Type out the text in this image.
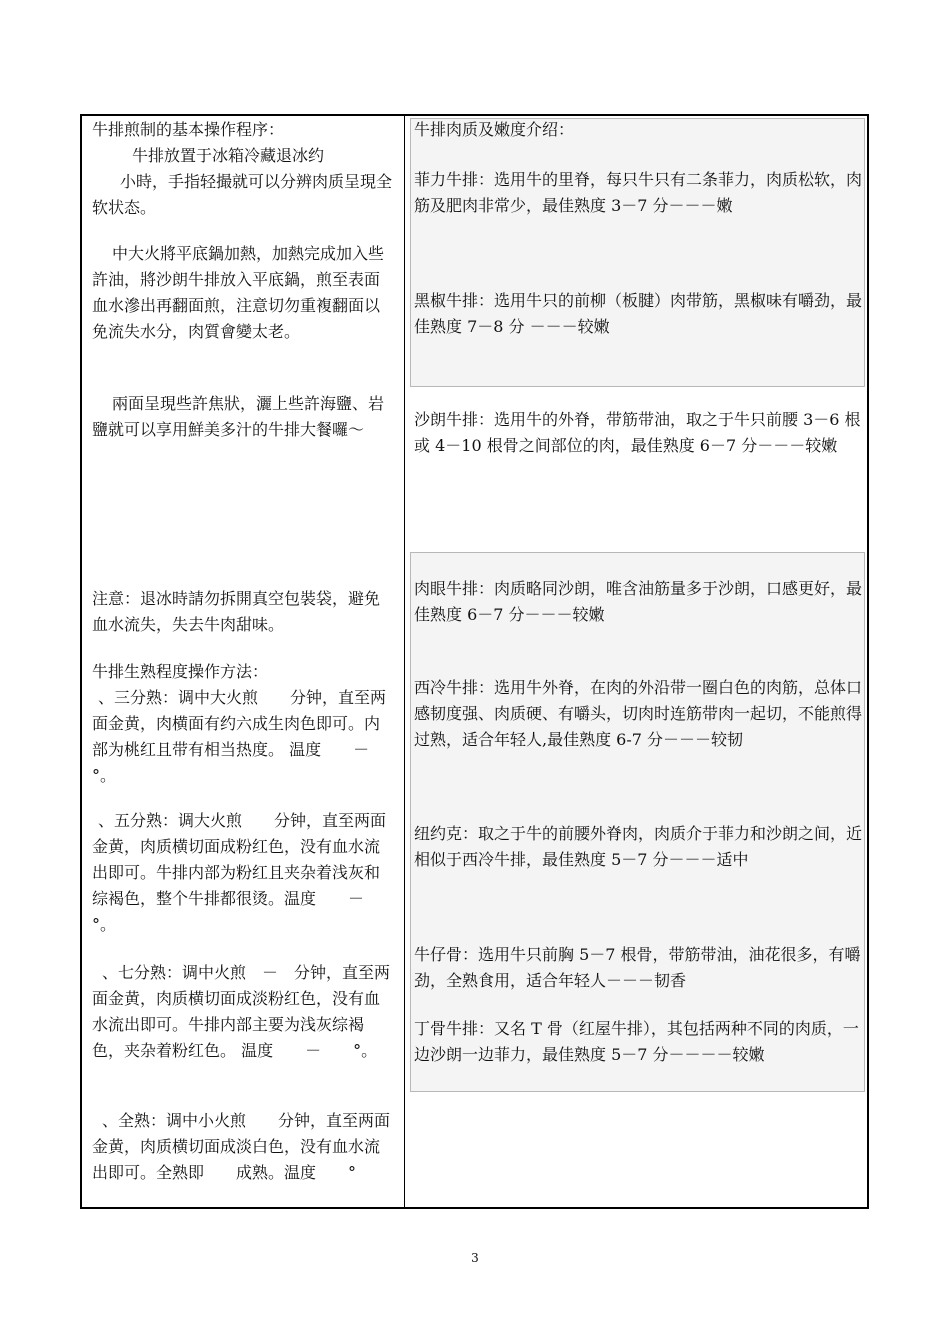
牛排煎制的基本操作程序：

牛排放置于冰箱冷藏退冰约

小時，手指轻撮就可以分辨肉质呈現全软状态。

中大火將平底鍋加熱，加熱完成加入些許油，將沙朗牛排放入平底鍋，煎至表面血水滲出再翻面煎，注意切勿重複翻面以免流失水分，肉質會變太老。

兩面呈現些許焦狀，灑上些許海鹽、岩鹽就可以享用鮮美多汁的牛排大餐囉～

注意：退冰時請勿拆開真空包裝袋，避免血水流失，失去牛肉甜味。

牛排生熟程度操作方法：

、三分熟：调中大火煎　　分钟，直至两面金黄，肉横面有约六成生肉色即可。内部为桃红且带有相当热度。 温度　　－　　°。

、五分熟：调大火煎　　分钟，直至两面金黄，肉质横切面成粉红色，没有血水流出即可。牛排内部为粉红且夹杂着浅灰和综褐色，整个牛排都很烫。温度　　－　　°。

、七分熟：调中火煎　－　分钟，直至两面金黄，肉质横切面成淡粉红色，没有血水流出即可。牛排内部主要为浅灰综褐色，夹杂着粉红色。 温度　　－　　°。

、全熟：调中小火煎　　分钟，直至两面金黄，肉质横切面成淡白色，没有血水流出即可。全熟即　　成熟。温度　　°

牛排肉质及嫩度介绍：

菲力牛排：选用牛的里脊，每只牛只有二条菲力，肉质松软，肉筋及肥肉非常少，最佳熟度 3－7 分－－－嫩

黑椒牛排：选用牛只的前柳（板腱）肉带筋，黑椒味有嚼劲，最佳熟度 7－8 分 －－－较嫩

沙朗牛排：选用牛的外脊，带筋带油，取之于牛只前腰 3－6 根或 4－10 根骨之间部位的肉，最佳熟度 6－7 分－－－较嫩

肉眼牛排：肉质略同沙朗，唯含油筋量多于沙朗，口感更好，最佳熟度 6－7 分－－－较嫩

西冷牛排：选用牛外脊，在肉的外沿带一圈白色的肉筋，总体口感韧度强、肉质硬、有嚼头，切肉时连筋带肉一起切，不能煎得过熟，适合年轻人,最佳熟度 6-7 分－－－较韧

纽约克：取之于牛的前腰外脊肉，肉质介于菲力和沙朗之间，近相似于西冷牛排，最佳熟度 5－7 分－－－适中

牛仔骨：选用牛只前胸 5－7 根骨，带筋带油，油花很多，有嚼劲，全熟食用，适合年轻人－－－韧香

丁骨牛排：又名 T 骨（红屋牛排），其包括两种不同的肉质，一边沙朗一边菲力，最佳熟度 5－7 分－－－－较嫩

3
